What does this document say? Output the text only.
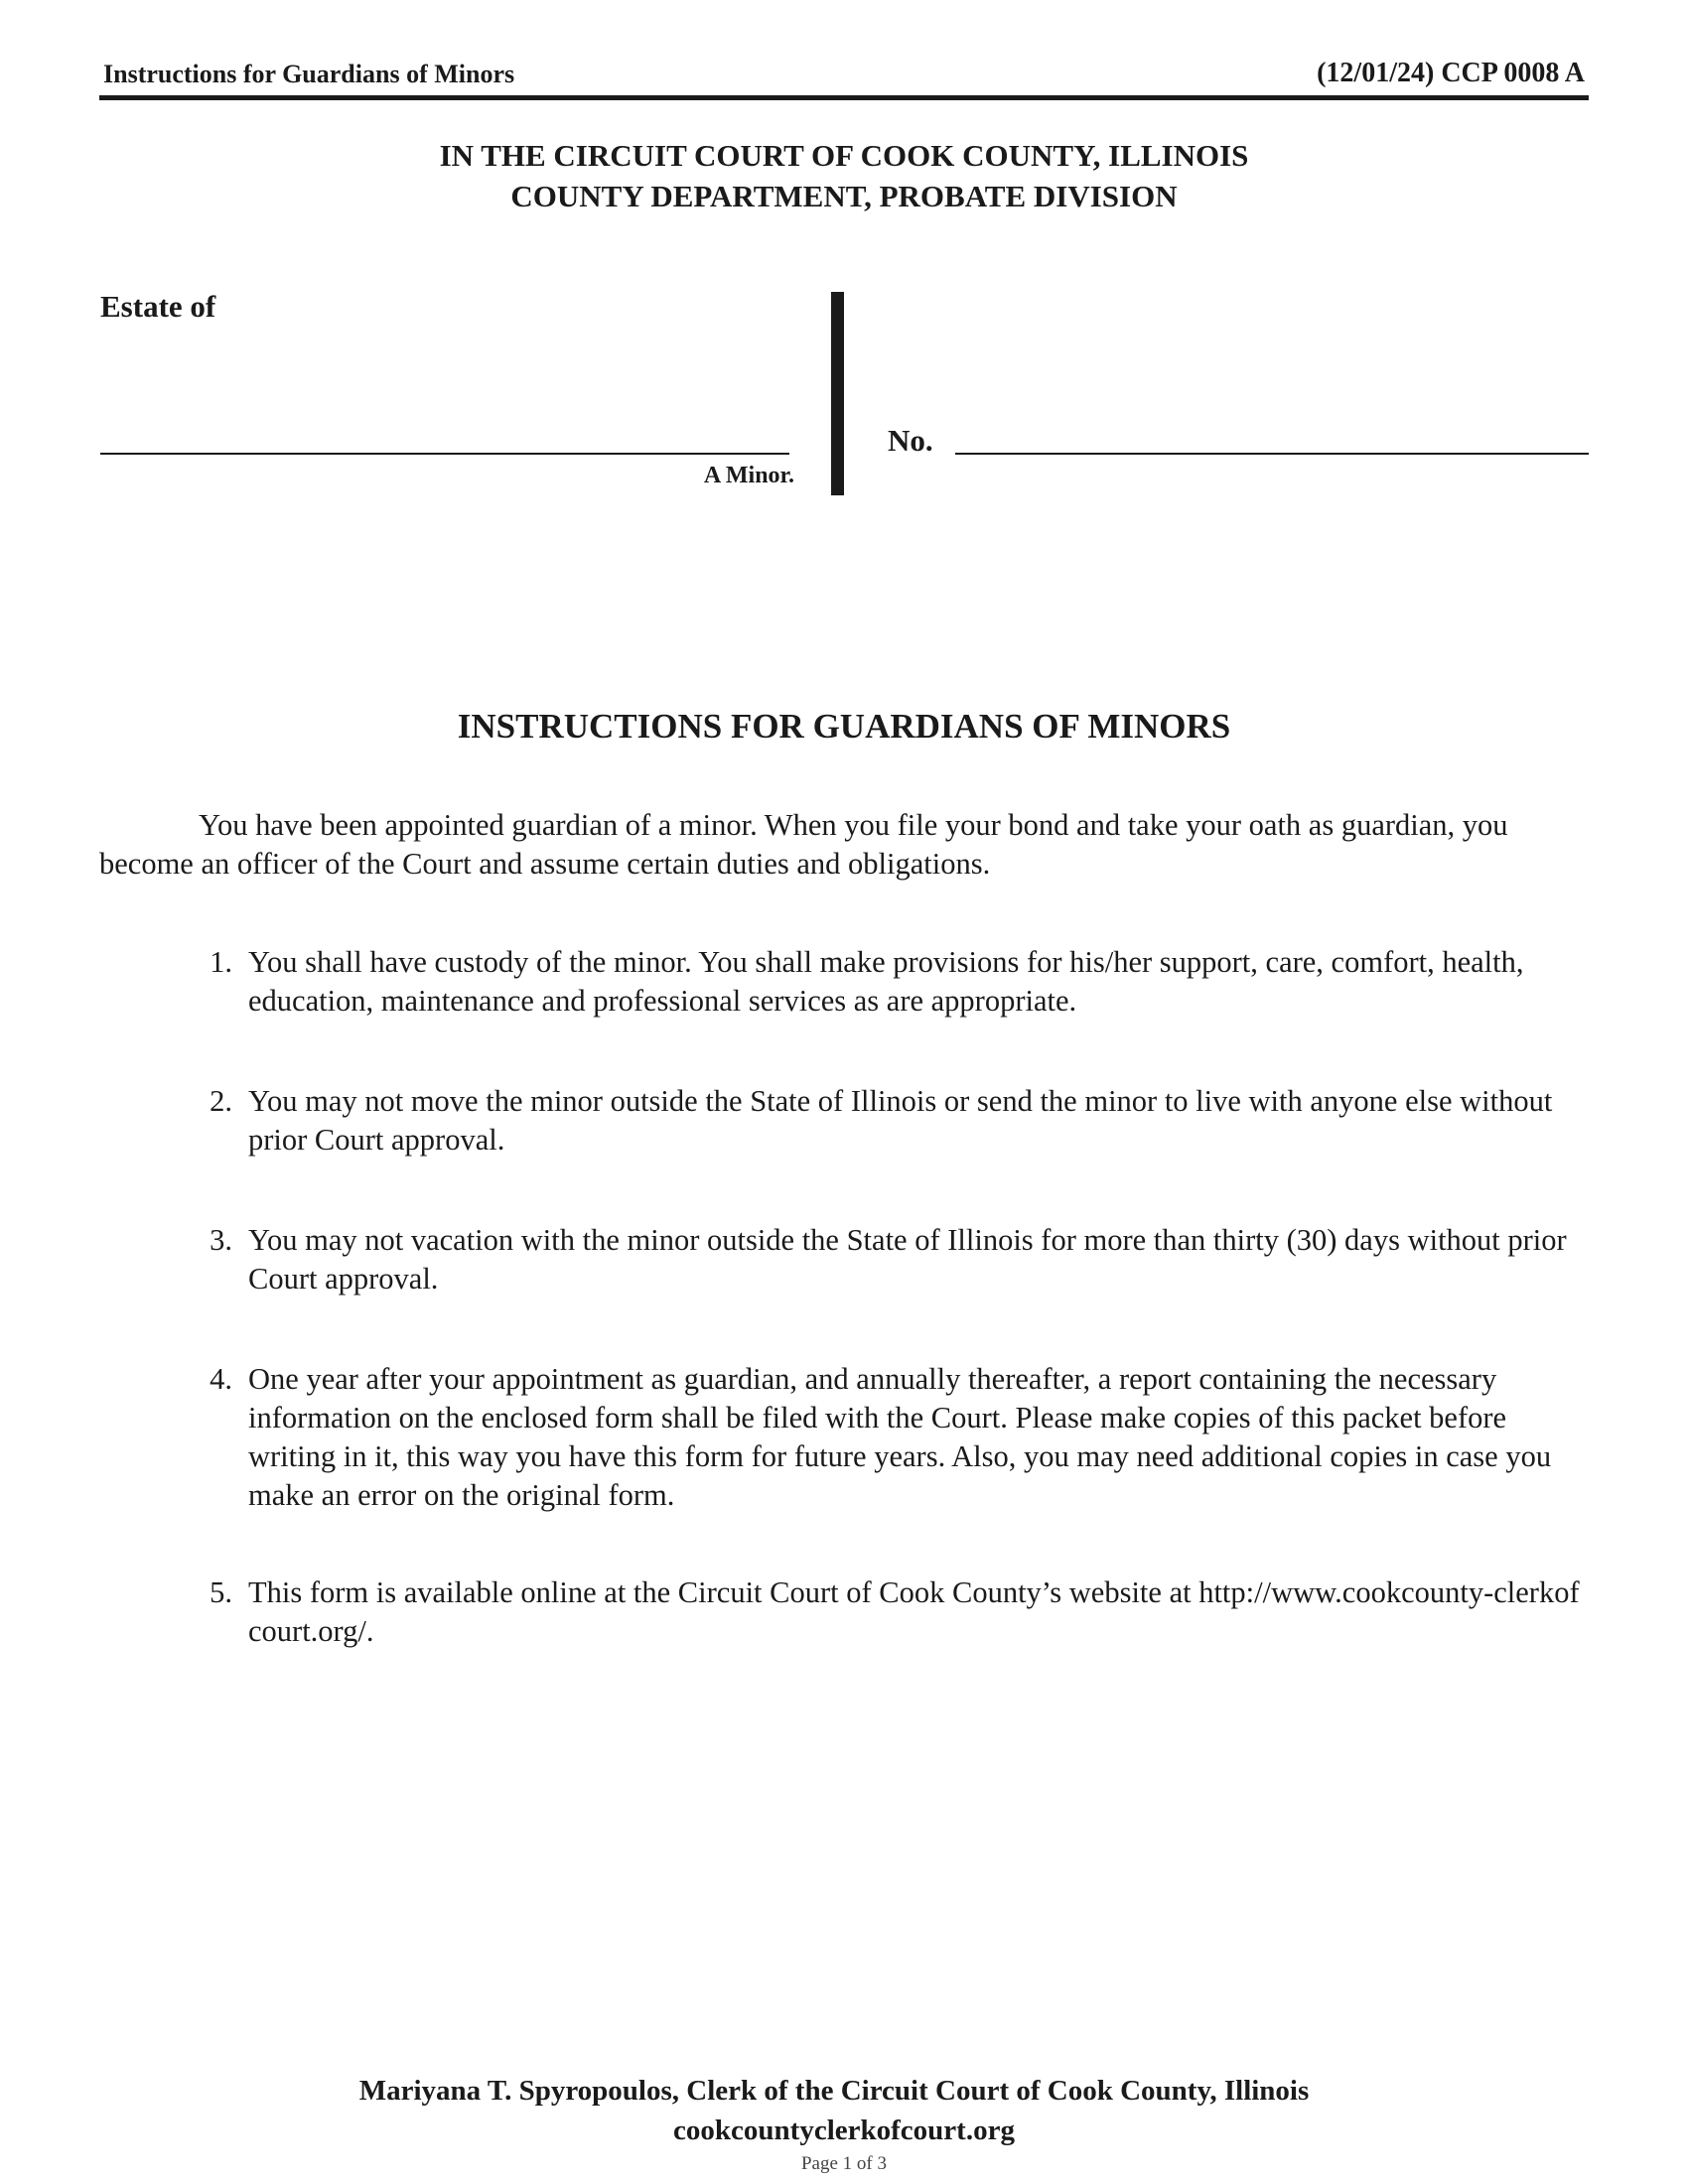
Instructions for Guardians of Minors	(12/01/24) CCP 0008 A
IN THE CIRCUIT COURT OF COOK COUNTY, ILLINOIS
COUNTY DEPARTMENT, PROBATE DIVISION
Estate of
A Minor.
No.
INSTRUCTIONS FOR GUARDIANS OF MINORS
You have been appointed guardian of a minor. When you file your bond and take your oath as guardian, you become an officer of the Court and assume certain duties and obligations.
1. You shall have custody of the minor. You shall make provisions for his/her support, care, comfort, health, education, maintenance and professional services as are appropriate.
2. You may not move the minor outside the State of Illinois or send the minor to live with anyone else without prior Court approval.
3. You may not vacation with the minor outside the State of Illinois for more than thirty (30) days without prior Court approval.
4. One year after your appointment as guardian, and annually thereafter, a report containing the necessary information on the enclosed form shall be filed with the Court. Please make copies of this packet before writing in it, this way you have this form for future years. Also, you may need additional copies in case you make an error on the original form.
5. This form is available online at the Circuit Court of Cook County’s website at http://www.cookcounty-clerkof court.org/.
Mariyana T. Spyropoulos, Clerk of the Circuit Court of Cook County, Illinois
cookcountyclerkofcourt.org
Page 1 of 3
